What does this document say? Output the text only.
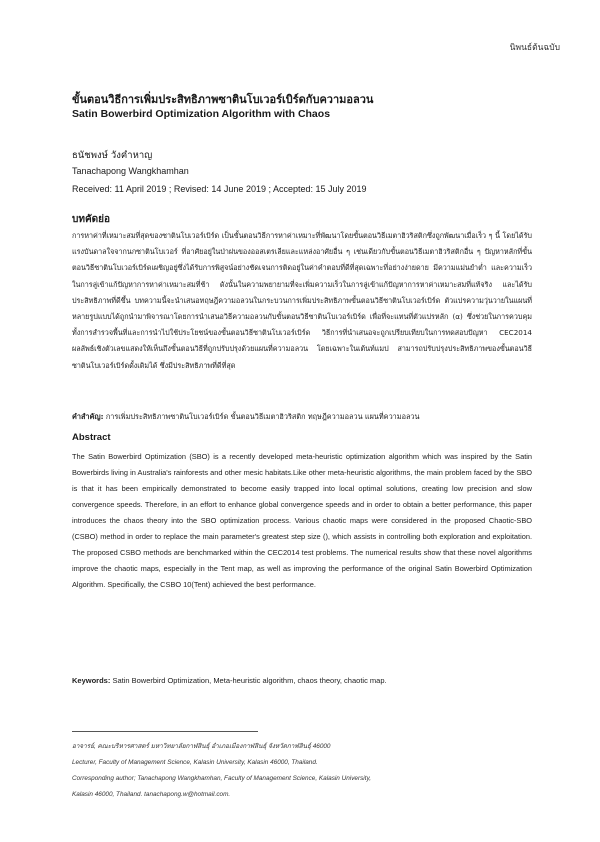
นิพนธ์ต้นฉบับ
ขั้นตอนวิธีการเพิ่มประสิทธิภาพซาตินโบเวอร์เบิร์ดกับความอลวน
Satin Bowerbird Optimization Algorithm with Chaos
ธนัชพงษ์ วังคำหาญ
Tanachapong Wangkhamhan
Received: 11 April 2019 ; Revised: 14 June 2019 ; Accepted: 15 July 2019
บทคัดย่อ
การหาค่าที่เหมาะสมที่สุดของซาตินโบเวอร์เบิร์ด เป็นขั้นตอนวิธีการหาค่าเหมาะที่พัฒนาโดยขั้นตอนวิธีเมตาฮิวริสติกซึ่งถูกพัฒนาเมื่อเร็ว ๆ นี้ โดยได้รับแรงบันดาลใจจากนกซาตินโบเวอร์ ที่อาศัยอยู่ในป่าฝนของออสเตรเลียและแหล่งอาศัยอื่น ๆ เช่นเดียวกับขั้นตอนวิธีเมตาฮิวริสติกอื่น ๆ ปัญหาหลักที่ขั้นตอนวิธีซาตินโบเวอร์เบิร์ดเผชิญอยู่ซึ่งได้รับการพิสูจน์อย่างชัดเจนการติดอยู่ในค่าคำตอบที่ดีที่สุดเฉพาะที่อย่างง่ายดาย มีความแม่นยำต่ำ และความเร็วในการลู่เข้าแก้ปัญหาการหาค่าเหมาะสมที่ช้า ดังนั้นในความพยายามที่จะเพิ่มความเร็วในการลู่เข้าแก้ปัญหาการหาค่าเหมาะสมที่แท้จริง และได้รับประสิทธิภาพที่ดีขึ้น บทความนี้จะนำเสนอทฤษฎีความอลวนในกระบวนการเพิ่มประสิทธิภาพขั้นตอนวิธีซาตินโบเวอร์เบิร์ด ตัวแปรความวุ่นวายในแผนที่หลายรูปแบบได้ถูกนำมาพิจารณาโดยการนำเสนอวิธีความอลวนกับขั้นตอนวิธีซาตินโบเวอร์เบิร์ด เพื่อที่จะแทนที่ตัวแปรหลัก (α) ซึ่งช่วยในการควบคุมทั้งการสำรวจพื้นที่และการนำไปใช้ประโยชน์ของขั้นตอนวิธีซาตินโบเวอร์เบิร์ด วิธีการที่นำเสนอจะถูกเปรียบเทียบในการทดสอบปัญหา CEC2014 ผลลัพธ์เชิงตัวเลขแสดงให้เห็นถึงขั้นตอนวิธีที่ถูกปรับปรุงด้วยแผนที่ความอลวน โดยเฉพาะในเต้นท์แมป สามารถปรับปรุงประสิทธิภาพของขั้นตอนวิธีซาตินโบเวอร์เบิร์ดดั้งเดิมได้ ซึ่งมีประสิทธิภาพที่ดีที่สุด
คำสำคัญ: การเพิ่มประสิทธิภาพซาตินโบเวอร์เบิร์ด ขั้นตอนวิธีเมตาฮิวริสติก ทฤษฎีความอลวน แผนที่ความอลวน
Abstract
The Satin Bowerbird Optimization (SBO) is a recently developed meta-heuristic optimization algorithm which was inspired by the Satin Bowerbirds living in Australia's rainforests and other mesic habitats.Like other meta-heuristic algorithms, the main problem faced by the SBO is that it has been empirically demonstrated to become easily trapped into local optimal solutions, creating low precision and slow convergence speeds. Therefore, in an effort to enhance global convergence speeds and in order to obtain a better performance, this paper introduces the chaos theory into the SBO optimization process. Various chaotic maps were considered in the proposed Chaotic-SBO (CSBO) method in order to replace the main parameter's greatest step size (), which assists in controlling both exploration and exploitation. The proposed CSBO methods are benchmarked within the CEC2014 test problems. The numerical results show that these novel algorithms improve the chaotic maps, especially in the Tent map, as well as improving the performance of the original Satin Bowerbird Optimization Algorithm. Specifically, the CSBO 10(Tent) achieved the best performance.
Keywords: Satin Bowerbird Optimization, Meta-heuristic algorithm, chaos theory, chaotic map.
อาจารย์, คณะบริหารศาสตร์ มหาวิทยาลัยกาฬสินธุ์ อำเภอเมืองกาฬสินธุ์ จังหวัดกาฬสินธุ์ 46000
Lecturer, Faculty of Management Science, Kalasin University, Kalasin 46000, Thailand.
Corresponding author; Tanachapong Wangkhamhan, Faculty of Management Science, Kalasin University,
Kalasin 46000, Thailand. tanachapong.w@hotmail.com.
